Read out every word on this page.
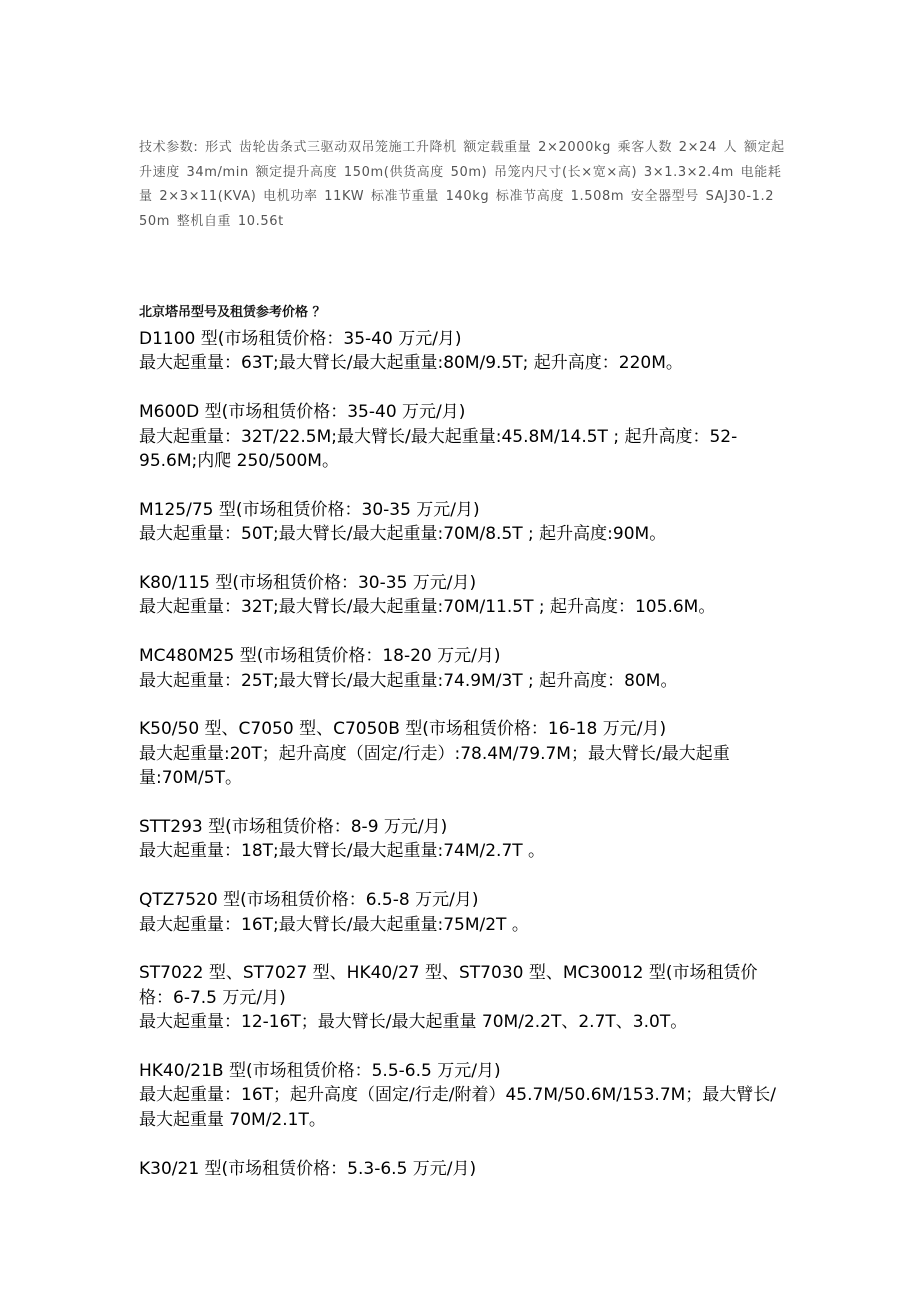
技术参数: 形式 齿轮齿条式三驱动双吊笼施工升降机 额定载重量 2×2000kg 乘客人数 2×24 人 额定起升速度 34m/min 额定提升高度 150m(供货高度 50m) 吊笼内尺寸(长×宽×高) 3×1.3×2.4m 电能耗量 2×3×11(KVA) 电机功率 11KW 标准节重量 140kg 标准节高度 1.508m 安全器型号 SAJ30-1.2 50m 整机自重 10.56t

北京塔吊型号及租赁参考价格 ？
D1100 型(市场租赁价格：35-40 万元/月)
最大起重量：63T;最大臂长/最大起重量:80M/9.5T; 起升高度：220M。
M600D 型(市场租赁价格：35-40 万元/月)
最大起重量：32T/22.5M;最大臂长/最大起重量:45.8M/14.5T ; 起升高度：52-95.6M;内爬 250/500M。
M125/75 型(市场租赁价格：30-35 万元/月)
最大起重量：50T;最大臂长/最大起重量:70M/8.5T ; 起升高度:90M。
K80/115 型(市场租赁价格：30-35 万元/月)
最大起重量：32T;最大臂长/最大起重量:70M/11.5T ; 起升高度：105.6M。
MC480M25 型(市场租赁价格：18-20 万元/月)
最大起重量：25T;最大臂长/最大起重量:74.9M/3T ; 起升高度：80M。
K50/50 型、C7050 型、C7050B 型(市场租赁价格：16-18 万元/月)
最大起重量:20T；起升高度（固定/行走）:78.4M/79.7M；最大臂长/最大起重量:70M/5T。
STT293 型(市场租赁价格：8-9 万元/月)
最大起重量：18T;最大臂长/最大起重量:74M/2.7T 。
QTZ7520 型(市场租赁价格：6.5-8 万元/月)
最大起重量：16T;最大臂长/最大起重量:75M/2T 。
ST7022 型、ST7027 型、HK40/27 型、ST7030 型、MC30012 型(市场租赁价格：6-7.5 万元/月)
最大起重量：12-16T；最大臂长/最大起重量 70M/2.2T、2.7T、3.0T。
HK40/21B 型(市场租赁价格：5.5-6.5 万元/月)
最大起重量：16T；起升高度（固定/行走/附着）45.7M/50.6M/153.7M；最大臂长/最大起重量 70M/2.1T。
K30/21 型(市场租赁价格：5.3-6.5 万元/月)
